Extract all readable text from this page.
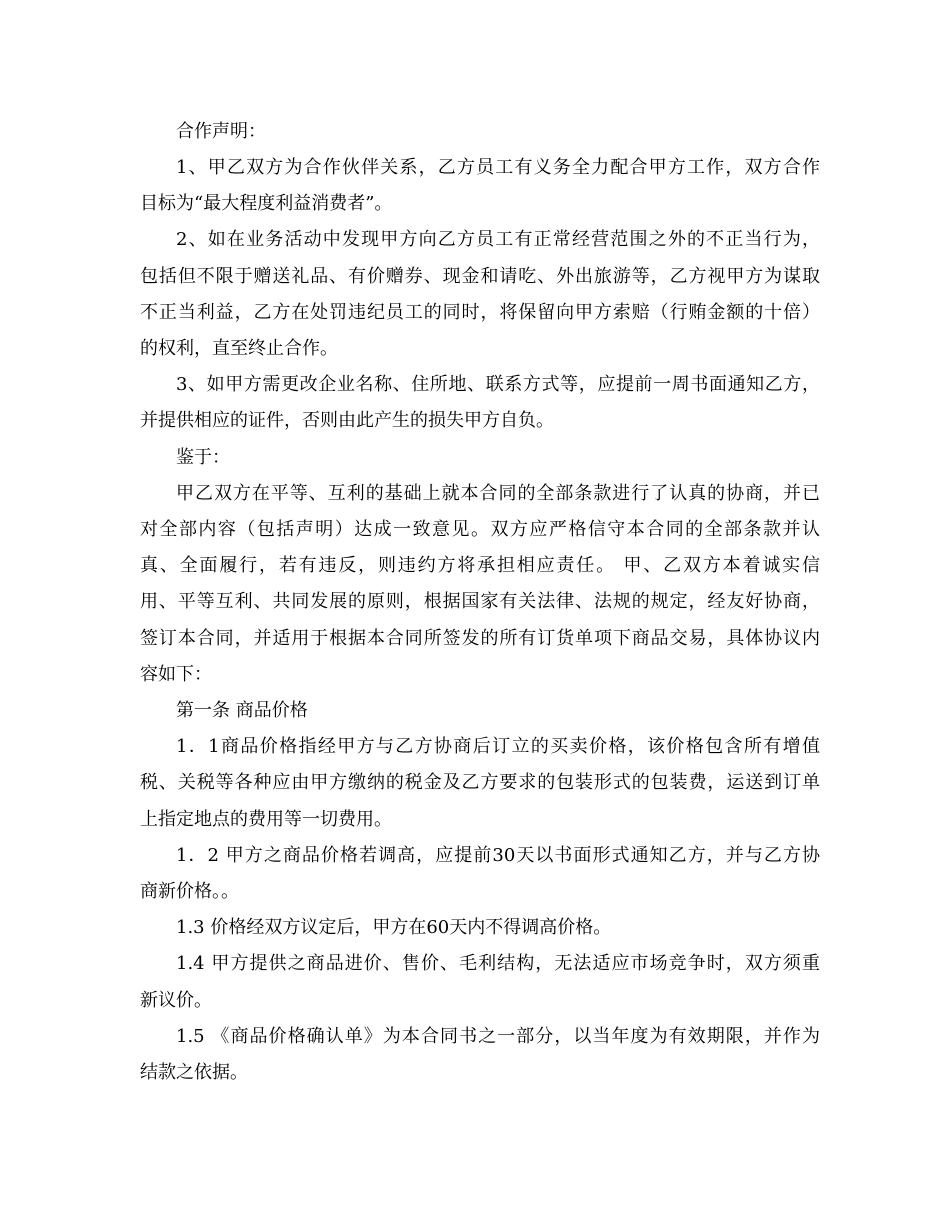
合作声明：

1、甲乙双方为合作伙伴关系，乙方员工有义务全力配合甲方工作，双方合作

目标为“最大程度利益消费者”。

2、如在业务活动中发现甲方向乙方员工有正常经营范围之外的不正当行为，

包括但不限于赠送礼品、有价赠券、现金和请吃、外出旅游等，乙方视甲方为谋取

不正当利益，乙方在处罚违纪员工的同时，将保留向甲方索赔（行贿金额的十倍）

的权利，直至终止合作。

3、如甲方需更改企业名称、住所地、联系方式等，应提前一周书面通知乙方，

并提供相应的证件，否则由此产生的损失甲方自负。

鉴于：

甲乙双方在平等、互利的基础上就本合同的全部条款进行了认真的协商，并已

对全部内容（包括声明）达成一致意见。双方应严格信守本合同的全部条款并认

真、全面履行，若有违反，则违约方将承担相应责任。 甲、乙双方本着诚实信

用、平等互利、共同发展的原则，根据国家有关法律、法规的规定，经友好协商，

签订本合同，并适用于根据本合同所签发的所有订货单项下商品交易，具体协议内

容如下：

第一条 商品价格

1．1商品价格指经甲方与乙方协商后订立的买卖价格，该价格包含所有增值

税、关税等各种应由甲方缴纳的税金及乙方要求的包装形式的包装费，运送到订单

上指定地点的费用等一切费用。

1．2 甲方之商品价格若调高，应提前30天以书面形式通知乙方，并与乙方协

商新价格。。

1.3 价格经双方议定后，甲方在60天内不得调高价格。

1.4 甲方提供之商品进价、售价、毛利结构，无法适应市场竞争时，双方须重

新议价。

1.5 《商品价格确认单》为本合同书之一部分，以当年度为有效期限，并作为

结款之依据。
